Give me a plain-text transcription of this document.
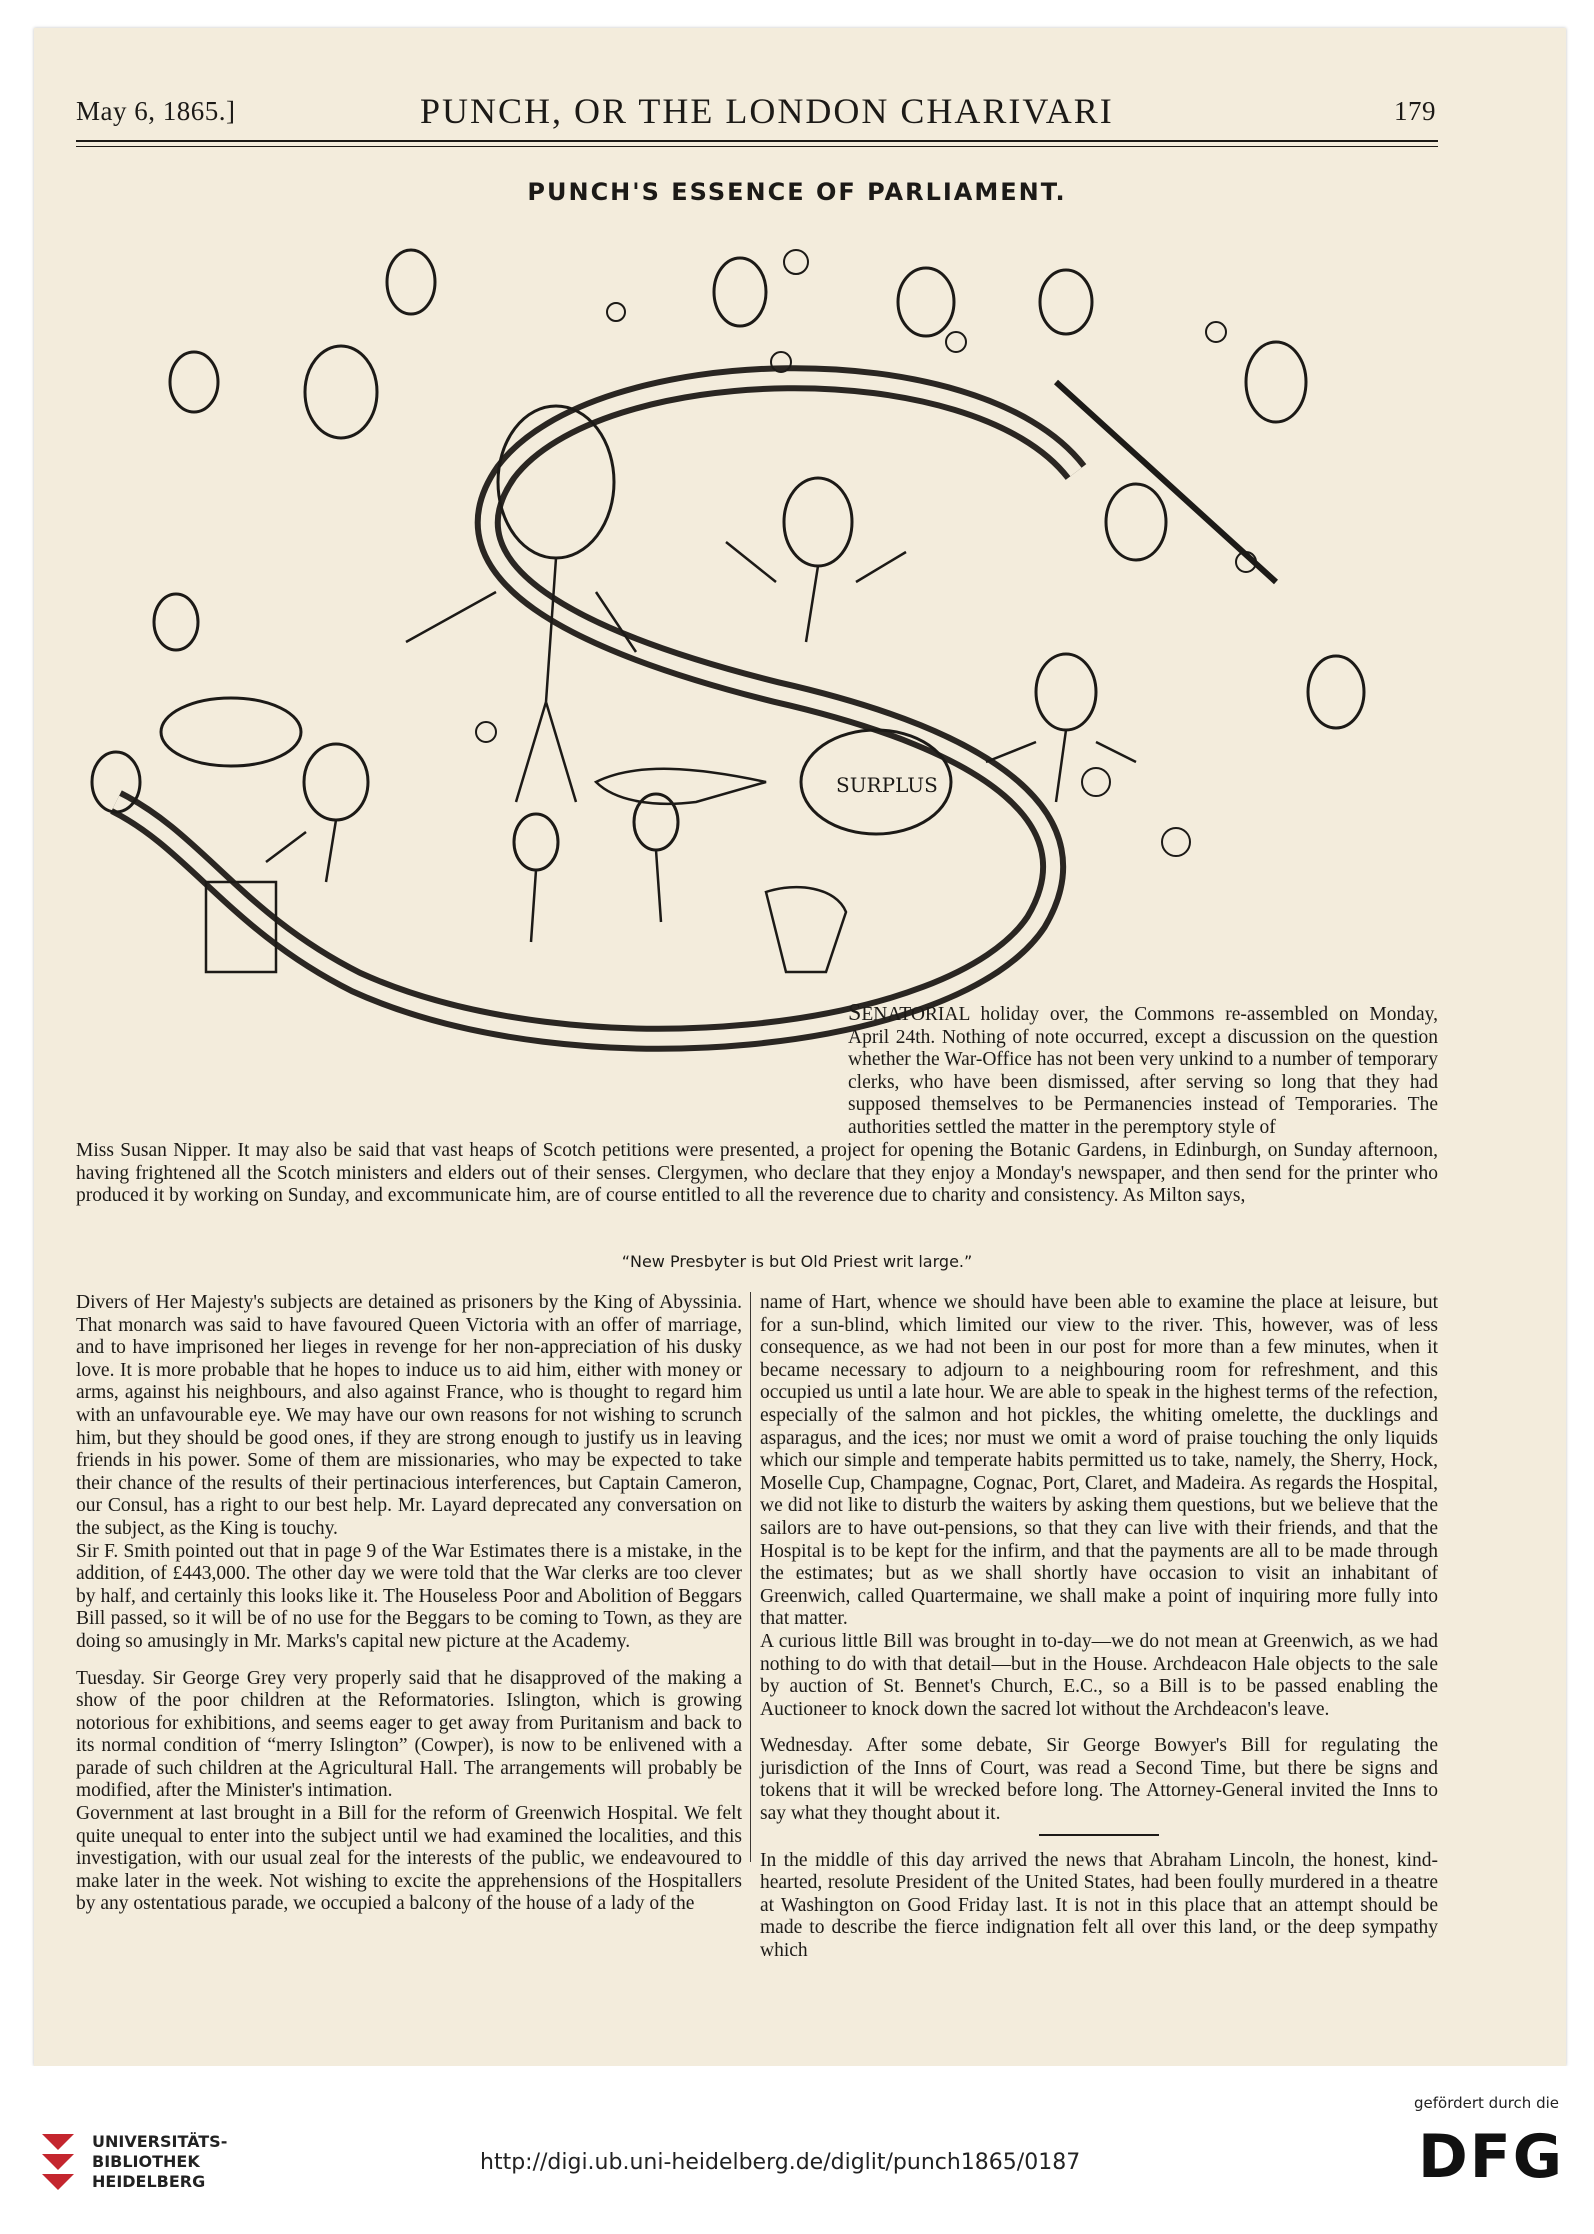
May 6, 1865.]	PUNCH, OR THE LONDON CHARIVARI	179
PUNCH'S ESSENCE OF PARLIAMENT.
SURPLUS

SENATORIAL holiday over, the Commons re-assembled on Monday, April 24th. Nothing of note occurred, except a discussion on the question whether the War-Office has not been very unkind to a number of temporary clerks, who have been dismissed, after serving so long that they had supposed themselves to be Permanencies instead of Temporaries. The authorities settled the matter in the peremptory style of

Miss Susan Nipper. It may also be said that vast heaps of Scotch petitions were presented, a project for opening the Botanic Gardens, in Edinburgh, on Sunday afternoon, having frightened all the Scotch ministers and elders out of their senses. Clergymen, who declare that they enjoy a Monday's newspaper, and then send for the printer who produced it by working on Sunday, and excommunicate him, are of course entitled to all the reverence due to charity and consistency. As Milton says,

“New Presbyter is but Old Priest writ large.”

Divers of Her Majesty's subjects are detained as prisoners by the King of Abyssinia. That monarch was said to have favoured Queen Victoria with an offer of marriage, and to have imprisoned her lieges in revenge for her non-appreciation of his dusky love. It is more probable that he hopes to induce us to aid him, either with money or arms, against his neighbours, and also against France, who is thought to regard him with an unfavourable eye. We may have our own reasons for not wishing to scrunch him, but they should be good ones, if they are strong enough to justify us in leaving friends in his power. Some of them are missionaries, who may be expected to take their chance of the results of their pertinacious interferences, but Captain Cameron, our Consul, has a right to our best help. Mr. Layard deprecated any conversation on the subject, as the King is touchy.

Sir F. Smith pointed out that in page 9 of the War Estimates there is a mistake, in the addition, of £443,000. The other day we were told that the War clerks are too clever by half, and certainly this looks like it. The Houseless Poor and Abolition of Beggars Bill passed, so it will be of no use for the Beggars to be coming to Town, as they are doing so amusingly in Mr. Marks's capital new picture at the Academy.

Tuesday. Sir George Grey very properly said that he disapproved of the making a show of the poor children at the Reformatories. Islington, which is growing notorious for exhibitions, and seems eager to get away from Puritanism and back to its normal condition of “merry Islington” (Cowper), is now to be enlivened with a parade of such children at the Agricultural Hall. The arrangements will probably be modified, after the Minister's intimation.

Government at last brought in a Bill for the reform of Greenwich Hospital. We felt quite unequal to enter into the subject until we had examined the localities, and this investigation, with our usual zeal for the interests of the public, we endeavoured to make later in the week. Not wishing to excite the apprehensions of the Hospitallers by any ostentatious parade, we occupied a balcony of the house of a lady of the

name of Hart, whence we should have been able to examine the place at leisure, but for a sun-blind, which limited our view to the river. This, however, was of less consequence, as we had not been in our post for more than a few minutes, when it became necessary to adjourn to a neighbouring room for refreshment, and this occupied us until a late hour. We are able to speak in the highest terms of the refection, especially of the salmon and hot pickles, the whiting omelette, the ducklings and asparagus, and the ices; nor must we omit a word of praise touching the only liquids which our simple and temperate habits permitted us to take, namely, the Sherry, Hock, Moselle Cup, Champagne, Cognac, Port, Claret, and Madeira. As regards the Hospital, we did not like to disturb the waiters by asking them questions, but we believe that the sailors are to have out-pensions, so that they can live with their friends, and that the Hospital is to be kept for the infirm, and that the payments are all to be made through the estimates; but as we shall shortly have occasion to visit an inhabitant of Greenwich, called Quartermaine, we shall make a point of inquiring more fully into that matter.

A curious little Bill was brought in to-day—we do not mean at Greenwich, as we had nothing to do with that detail—but in the House. Archdeacon Hale objects to the sale by auction of St. Bennet's Church, E.C., so a Bill is to be passed enabling the Auctioneer to knock down the sacred lot without the Archdeacon's leave.

Wednesday. After some debate, Sir George Bowyer's Bill for regulating the jurisdiction of the Inns of Court, was read a Second Time, but there be signs and tokens that it will be wrecked before long. The Attorney-General invited the Inns to say what they thought about it.

In the middle of this day arrived the news that Abraham Lincoln, the honest, kind-hearted, resolute President of the United States, had been foully murdered in a theatre at Washington on Good Friday last. It is not in this place that an attempt should be made to describe the fierce indignation felt all over this land, or the deep sympathy which

UNIVERSITÄTS-
BIBLIOTHEK
HEIDELBERG
http://digi.ub.uni-heidelberg.de/diglit/punch1865/0187
gefördert durch die
DFG
